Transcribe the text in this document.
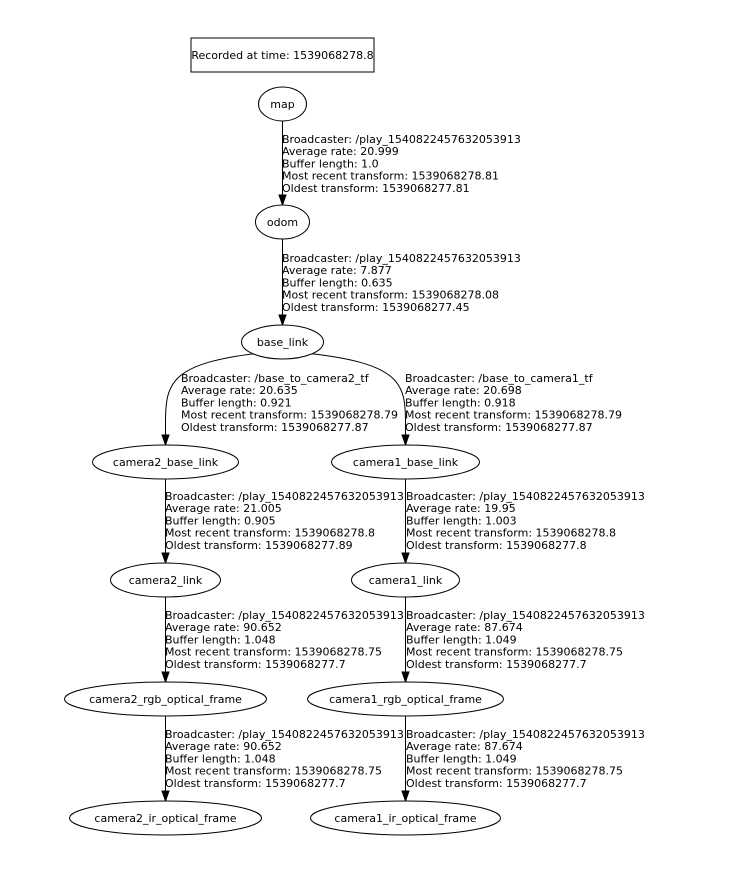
Recorded at time: 1539068278.8
Broadcaster: /play_1540822457632053913 Average rate: 20.999 Buffer length: 1.0 Most recent transform: 1539068278.81 Oldest transform: 1539068277.81
Broadcaster: /play_1540822457632053913 Average rate: 7.877 Buffer length: 0.635 Most recent transform: 1539068278.08 Oldest transform: 1539068277.45
Broadcaster: /base_to_camera2_tf Average rate: 20.635 Buffer length: 0.921 Most recent transform: 1539068278.79 Oldest transform: 1539068277.87
Broadcaster: /base_to_camera1_tf Average rate: 20.698 Buffer length: 0.918 Most recent transform: 1539068278.79 Oldest transform: 1539068277.87
Broadcaster: /play_1540822457632053913 Average rate: 21.005 Buffer length: 0.905 Most recent transform: 1539068278.8 Oldest transform: 1539068277.89
Broadcaster: /play_1540822457632053913 Average rate: 19.95 Buffer length: 1.003 Most recent transform: 1539068278.8 Oldest transform: 1539068277.8
Broadcaster: /play_1540822457632053913 Average rate: 90.652 Buffer length: 1.048 Most recent transform: 1539068278.75 Oldest transform: 1539068277.7
Broadcaster: /play_1540822457632053913 Average rate: 87.674 Buffer length: 1.049 Most recent transform: 1539068278.75 Oldest transform: 1539068277.7
Broadcaster: /play_1540822457632053913 Average rate: 90.652 Buffer length: 1.048 Most recent transform: 1539068278.75 Oldest transform: 1539068277.7
Broadcaster: /play_1540822457632053913 Average rate: 87.674 Buffer length: 1.049 Most recent transform: 1539068278.75 Oldest transform: 1539068277.7
map
odom
base_link
camera2_base_link	camera1_base_link
camera2_link	camera1_link
camera2_rgb_optical_frame	camera1_rgb_optical_frame
camera2_ir_optical_frame	camera1_ir_optical_frame
